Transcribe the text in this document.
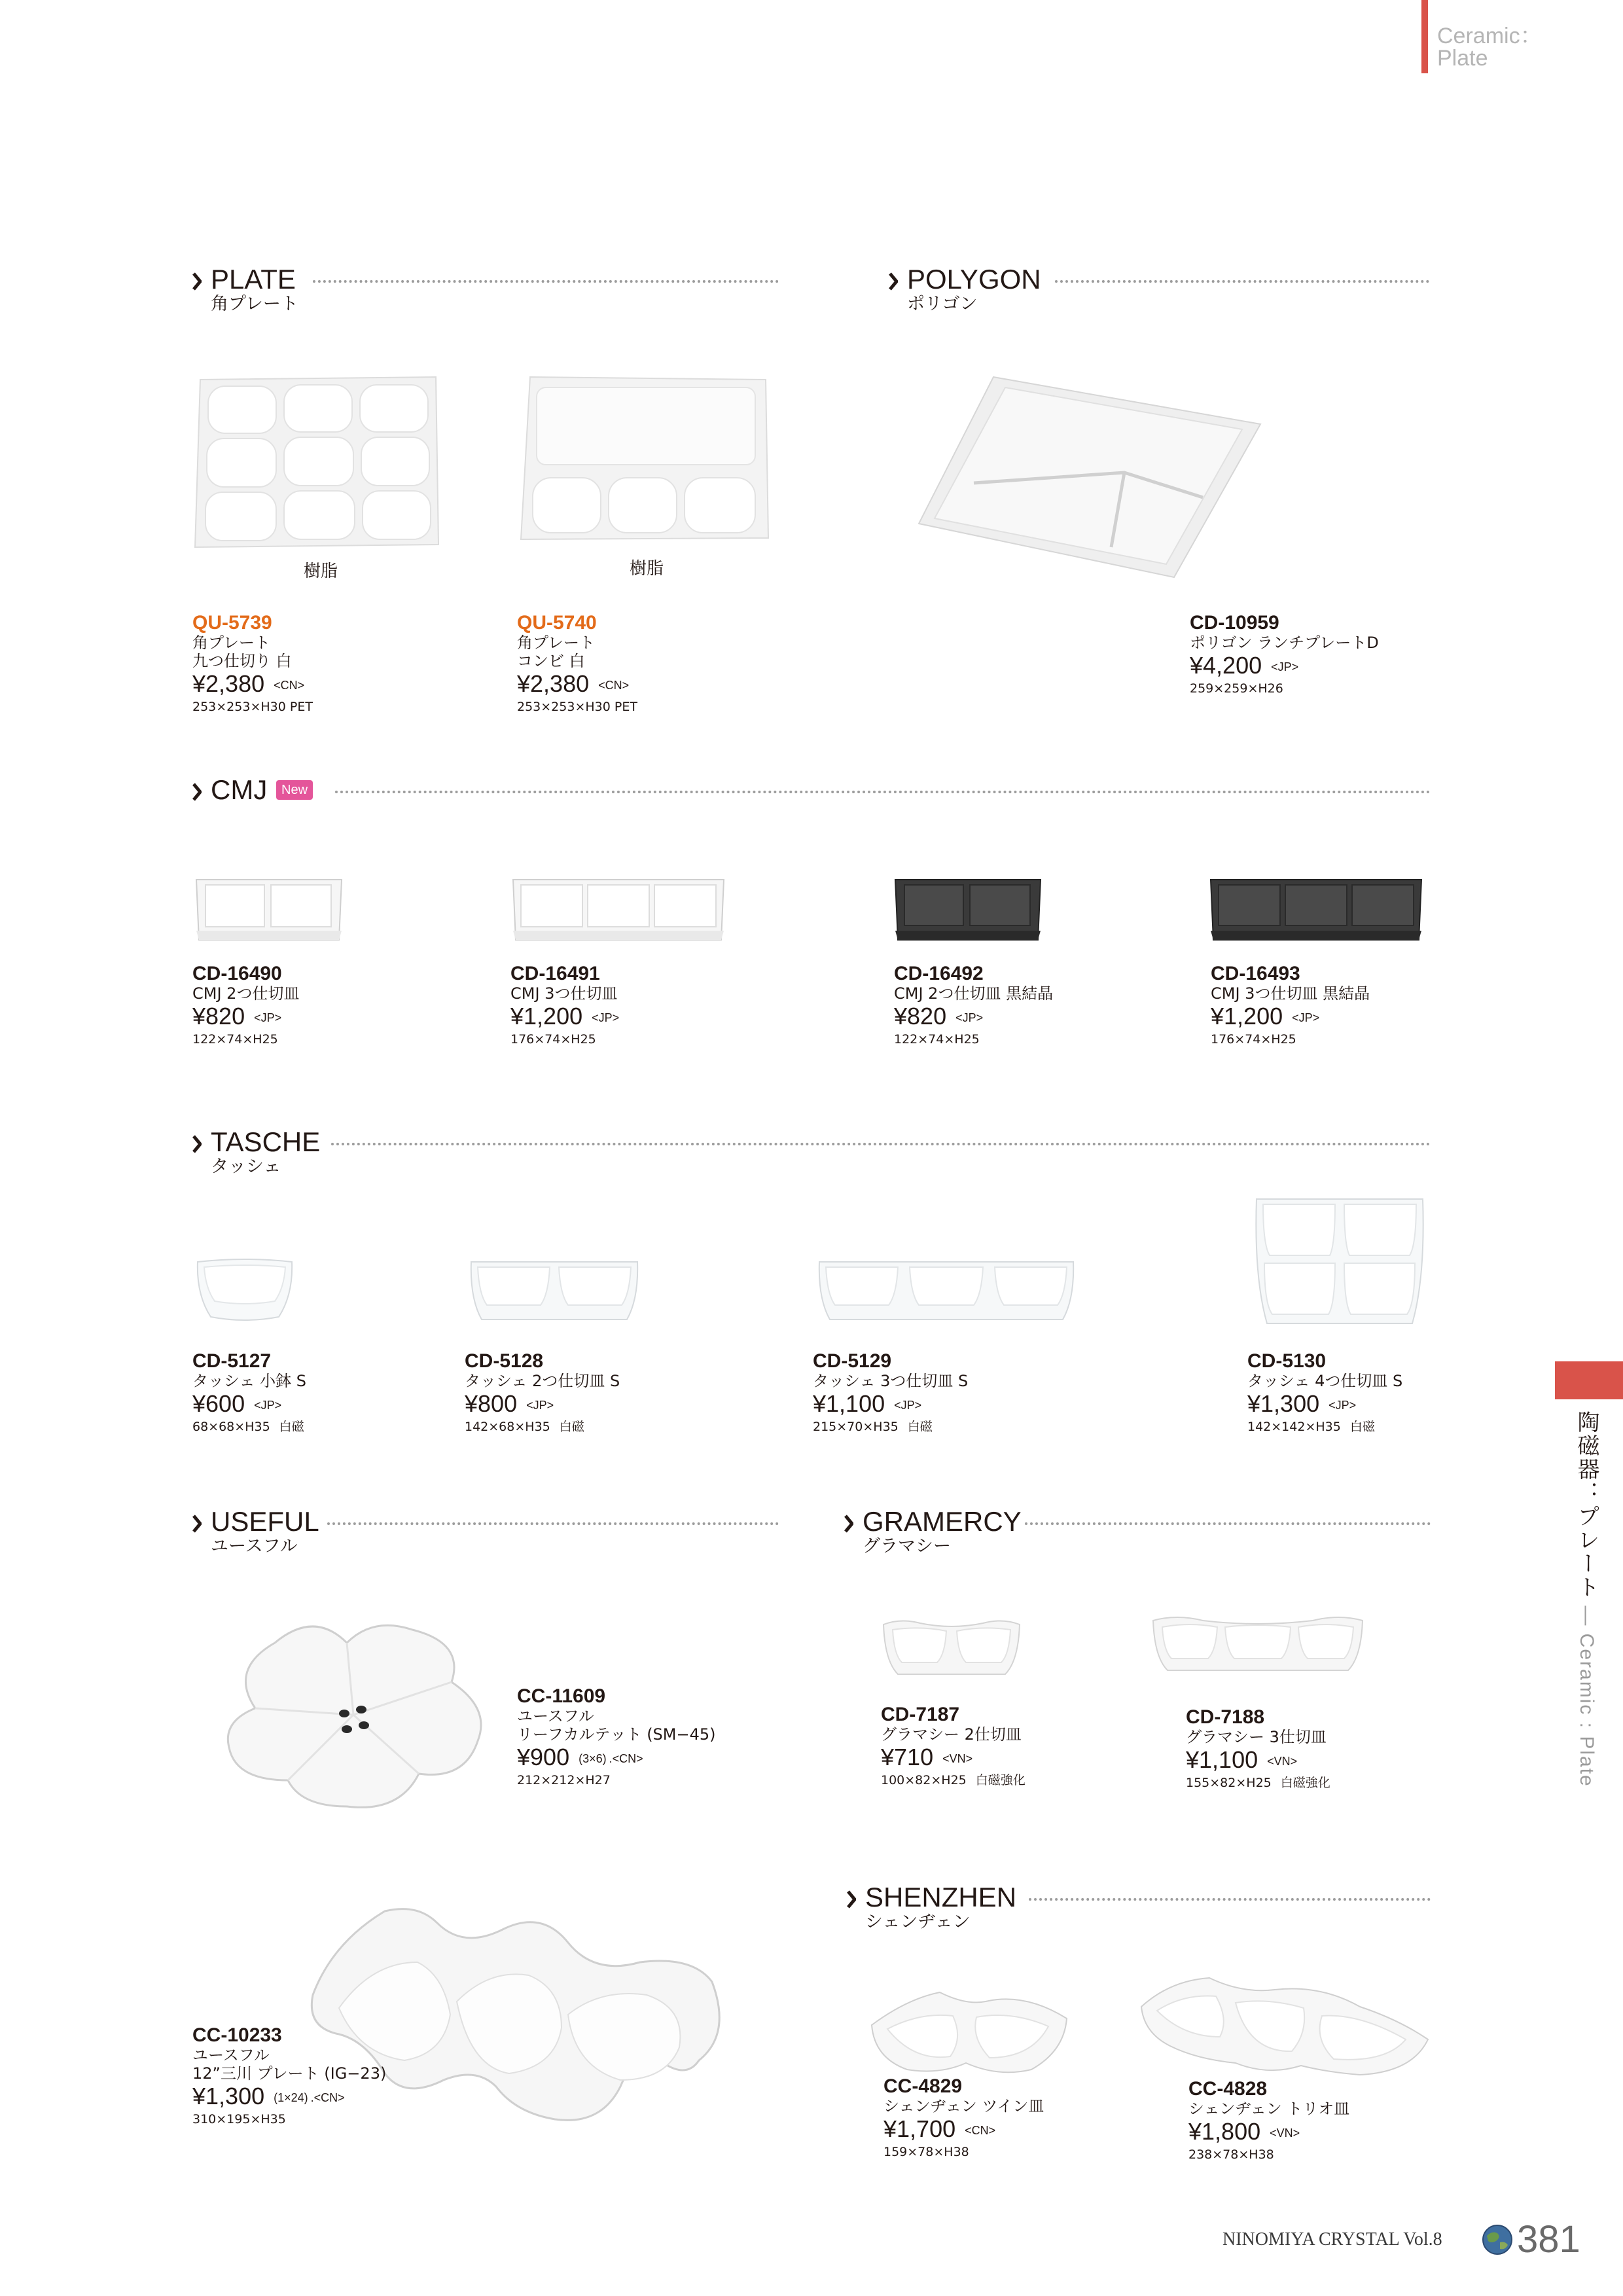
Ceramic：
Plate
PLATE
角プレート
POLYGON
ポリゴン
樹脂	樹脂
QU-5739
角プレート
九つ仕切り 白
¥2,380 <CN>
253×253×H30 PET
QU-5740
角プレート
コンビ 白
¥2,380 <CN>
253×253×H30 PET
CD-10959
ポリゴン ランチプレートD
¥4,200 <JP>
259×259×H26
CMJ	New
CD-16490
CMJ 2つ仕切皿
¥820 <JP>
122×74×H25
CD-16491
CMJ 3つ仕切皿
¥1,200 <JP>
176×74×H25
CD-16492
CMJ 2つ仕切皿 黒結晶
¥820 <JP>
122×74×H25
CD-16493
CMJ 3つ仕切皿 黒結晶
¥1,200 <JP>
176×74×H25
TASCHE
タッシェ
CD-5127
タッシェ 小鉢 S
¥600 <JP>
68×68×H35 白磁
CD-5128
タッシェ 2つ仕切皿 S
¥800 <JP>
142×68×H35 白磁
CD-5129
タッシェ 3つ仕切皿 S
¥1,100 <JP>
215×70×H35 白磁
CD-5130
タッシェ 4つ仕切皿 S
¥1,300 <JP>
142×142×H35 白磁	陶磁器：プレート — Ceramic : Plate
USEFUL
ユースフル
GRAMERCY
グラマシー
CC-11609
ユースフル
リーフカルテット (SM−45)
¥900 (3×6) .<CN>
212×212×H27
CD-7187
グラマシー 2仕切皿
¥710 <VN>
100×82×H25 白磁強化
CD-7188
グラマシー 3仕切皿
¥1,100 <VN>
155×82×H25 白磁強化
SHENZHEN
シェンヂェン
CC-10233
ユースフル
12”三川 プレート (IG−23)
¥1,300 (1×24) .<CN>
310×195×H35
CC-4829
シェンヂェン ツイン皿
¥1,700 <CN>
159×78×H38
CC-4828
シェンヂェン トリオ皿
¥1,800 <VN>
238×78×H38
NINOMIYA CRYSTAL Vol.8 381
